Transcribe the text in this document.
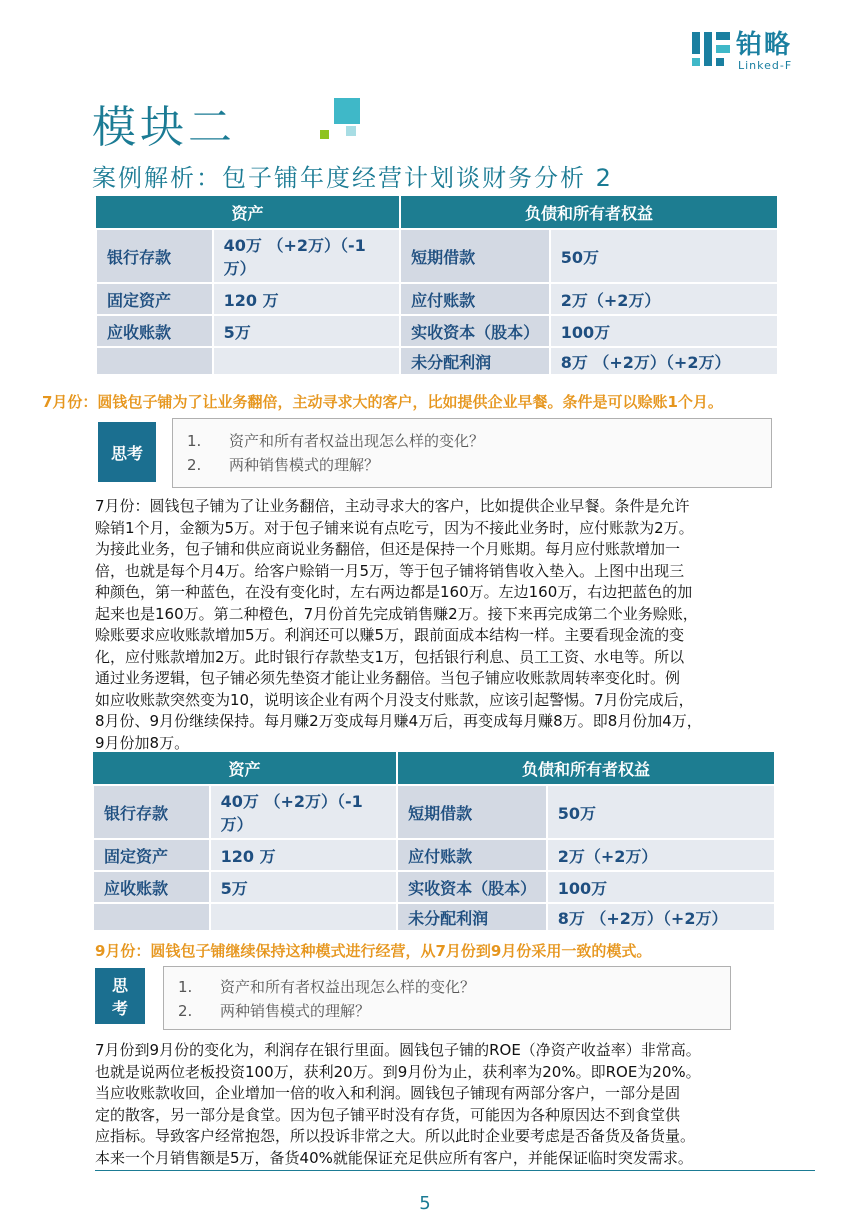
铂略
Linked-F
模块二
案例解析：包子铺年度经营计划谈财务分析 2
资产		负债和所有者权益	
银行存款	40万 （+2万）（-1万）	短期借款	50万
固定资产	120 万	应付账款	2万（+2万）
应收账款	5万	实收资本（股本）	100万
		未分配利润	8万 （+2万）（+2万）
7月份：圆钱包子铺为了让业务翻倍，主动寻求大的客户，比如提供企业早餐。条件是可以赊账1个月。
思考
1. 资产和所有者权益出现怎么样的变化？
2. 两种销售模式的理解？
7月份：圆钱包子铺为了让业务翻倍，主动寻求大的客户，比如提供企业早餐。条件是允许
赊销1个月，金额为5万。对于包子铺来说有点吃亏，因为不接此业务时，应付账款为2万。
为接此业务，包子铺和供应商说业务翻倍，但还是保持一个月账期。每月应付账款增加一
倍，也就是每个月4万。给客户赊销一月5万，等于包子铺将销售收入垫入。上图中出现三
种颜色，第一种蓝色，在没有变化时，左右两边都是160万。左边160万，右边把蓝色的加
起来也是160万。第二种橙色，7月份首先完成销售赚2万。接下来再完成第二个业务赊账，
赊账要求应收账款增加5万。利润还可以赚5万，跟前面成本结构一样。主要看现金流的变
化，应付账款增加2万。此时银行存款垫支1万，包括银行利息、员工工资、水电等。所以
通过业务逻辑，包子铺必须先垫资才能让业务翻倍。当包子铺应收账款周转率变化时。例
如应收账款突然变为10，说明该企业有两个月没支付账款，应该引起警惕。7月份完成后，
8月份、9月份继续保持。每月赚2万变成每月赚4万后，再变成每月赚8万。即8月份加4万，
9月份加8万。
资产		负债和所有者权益	
银行存款	40万 （+2万）（-1万）	短期借款	50万
固定资产	120 万	应付账款	2万（+2万）
应收账款	5万	实收资本（股本）	100万
		未分配利润	8万 （+2万）（+2万）
9月份：圆钱包子铺继续保持这种模式进行经营，从7月份到9月份采用一致的模式。
思
考
1. 资产和所有者权益出现怎么样的变化？
2. 两种销售模式的理解？
7月份到9月份的变化为，利润存在银行里面。圆钱包子铺的ROE（净资产收益率）非常高。
也就是说两位老板投资100万，获利20万。到9月份为止，获利率为20%。即ROE为20%。
当应收账款收回，企业增加一倍的收入和利润。圆钱包子铺现有两部分客户，一部分是固
定的散客，另一部分是食堂。因为包子铺平时没有存货，可能因为各种原因达不到食堂供
应指标。导致客户经常抱怨，所以投诉非常之大。所以此时企业要考虑是否备货及备货量。
本来一个月销售额是5万，备货40%就能保证充足供应所有客户，并能保证临时突发需求。
5
